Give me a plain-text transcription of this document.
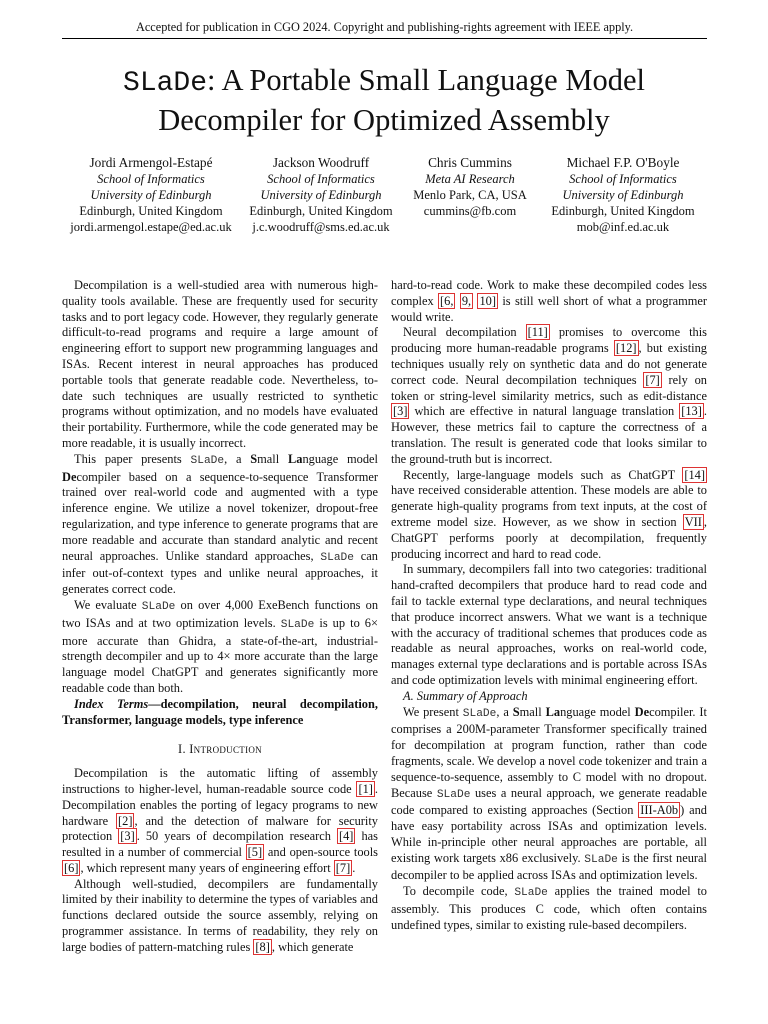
Accepted for publication in CGO 2024. Copyright and publishing-rights agreement with IEEE apply.
SLaDe: A Portable Small Language Model
Decompiler for Optimized Assembly
Jordi Armengol-Estapé
School of Informatics
University of Edinburgh
Edinburgh, United Kingdom
jordi.armengol.estape@ed.ac.uk
Jackson Woodruff
School of Informatics
University of Edinburgh
Edinburgh, United Kingdom
j.c.woodruff@sms.ed.ac.uk
Chris Cummins
Meta AI Research
Menlo Park, CA, USA
cummins@fb.com
Michael F.P. O'Boyle
School of Informatics
University of Edinburgh
Edinburgh, United Kingdom
mob@inf.ed.ac.uk

Decompilation is a well-studied area with numerous high-quality tools available. These are frequently used for security tasks and to port legacy code. However, they regularly generate difficult-to-read programs and require a large amount of engineering effort to support new programming languages and ISAs. Recent interest in neural approaches has produced portable tools that generate readable code. Nevertheless, to-date such techniques are usually restricted to synthetic programs without optimization, and no models have evaluated their portability. Furthermore, while the code generated may be more readable, it is usually incorrect.

This paper presents SLaDe, a Small Language model Decompiler based on a sequence-to-sequence Transformer trained over real-world code and augmented with a type inference engine. We utilize a novel tokenizer, dropout-free regularization, and type inference to generate programs that are more readable and accurate than standard analytic and recent neural approaches. Unlike standard approaches, SLaDe can infer out-of-context types and unlike neural approaches, it generates correct code.

We evaluate SLaDe on over 4,000 ExeBench functions on two ISAs and at two optimization levels. SLaDe is up to 6× more accurate than Ghidra, a state-of-the-art, industrial-strength decompiler and up to 4× more accurate than the large language model ChatGPT and generates significantly more readable code than both.

Index Terms—decompilation, neural decompilation, Transformer, language models, type inference

I. Introduction

Decompilation is the automatic lifting of assembly instructions to higher-level, human-readable source code [1] . Decompilation enables the porting of legacy programs to new hardware [2] , and the detection of malware for security protection [3] . 50 years of decompilation research [4] has resulted in a number of commercial [5] and open-source tools [6] , which represent many years of engineering effort [7] .

Although well-studied, decompilers are fundamentally limited by their inability to determine the types of variables and functions declared outside the source assembly, relying on programmer assistance. In terms of readability, they rely on large bodies of pattern-matching rules [8] , which generate

hard-to-read code. Work to make these decompiled codes less complex [6, 9, 10] is still well short of what a programmer would write.

Neural decompilation [11] promises to overcome this producing more human-readable programs [12] , but existing techniques usually rely on synthetic data and do not generate correct code. Neural decompilation techniques [7] rely on token or string-level similarity metrics, such as edit-distance [3] which are effective in natural language translation [13] . However, these metrics fail to capture the correctness of a translation. The result is generated code that looks similar to the ground-truth but is incorrect.

Recently, large-language models such as ChatGPT [14] have received considerable attention. These models are able to generate high-quality programs from text inputs, at the cost of extreme model size. However, as we show in section VII , ChatGPT performs poorly at decompilation, frequently producing incorrect and hard to read code.

In summary, decompilers fall into two categories: traditional hand-crafted decompilers that produce hard to read code and fail to tackle external type declarations, and neural techniques that produce incorrect answers. What we want is a technique with the accuracy of traditional schemes that produces code as readable as neural approaches, works on real-world code, manages external type declarations and is portable across ISAs and code optimization levels with minimal engineering effort.

A. Summary of Approach

We present SLaDe, a Small Language model Decompiler. It comprises a 200M-parameter Transformer specifically trained for decompilation at program function, rather than code fragments, scale. We develop a novel code tokenizer and train a sequence-to-sequence, assembly to C model with no dropout. Because SLaDe uses a neural approach, we generate readable code compared to existing approaches (Section III-A0b ) and have easy portability across ISAs and optimization levels. While in-principle other neural approaches are portable, all existing work targets x86 exclusively. SLaDe is the first neural decompiler to be applied across ISAs and optimization levels.

To decompile code, SLaDe applies the trained model to assembly. This produces C code, which often contains undefined types, similar to existing rule-based decompilers.
